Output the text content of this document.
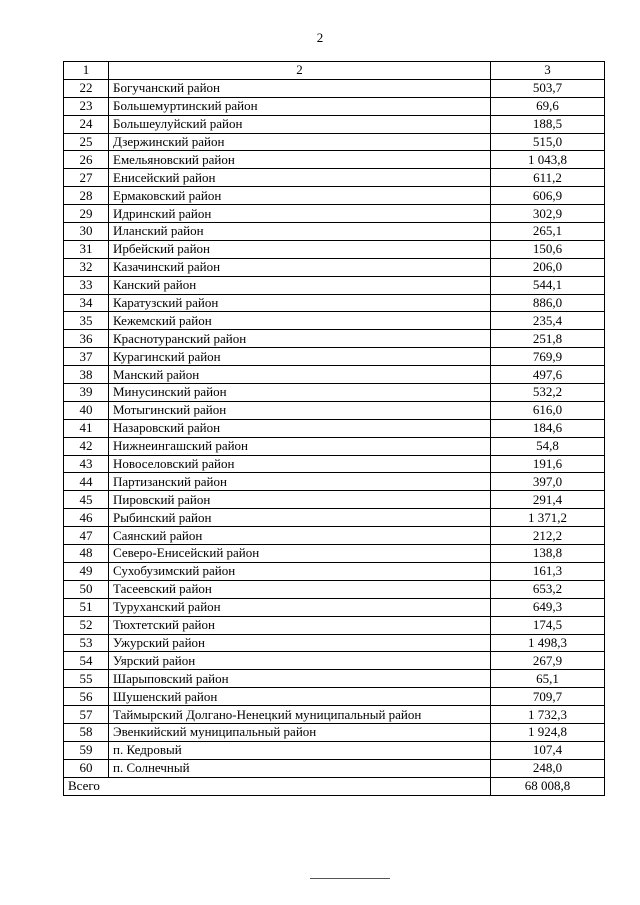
2
1	2	3
22	Богучанский район	503,7
23	Большемуртинский район	69,6
24	Большеулуйский район	188,5
25	Дзержинский район	515,0
26	Емельяновский район	1 043,8
27	Енисейский район	611,2
28	Ермаковский район	606,9
29	Идринский район	302,9
30	Иланский район	265,1
31	Ирбейский район	150,6
32	Казачинский район	206,0
33	Канский район	544,1
34	Каратузский район	886,0
35	Кежемский район	235,4
36	Краснотуранский район	251,8
37	Курагинский район	769,9
38	Манский район	497,6
39	Минусинский район	532,2
40	Мотыгинский район	616,0
41	Назаровский район	184,6
42	Нижнеингашский район	54,8
43	Новоселовский район	191,6
44	Партизанский район	397,0
45	Пировский район	291,4
46	Рыбинский район	1 371,2
47	Саянский район	212,2
48	Северо-Енисейский район	138,8
49	Сухобузимский район	161,3
50	Тасеевский район	653,2
51	Туруханский район	649,3
52	Тюхтетский район	174,5
53	Ужурский район	1 498,3
54	Уярский район	267,9
55	Шарыповский район	65,1
56	Шушенский район	709,7
57	Таймырский Долгано-Ненецкий муниципальный район	1 732,3
58	Эвенкийский муниципальный район	1 924,8
59	п. Кедровый	107,4
60	п. Солнечный	248,0
Всего		68 008,8
